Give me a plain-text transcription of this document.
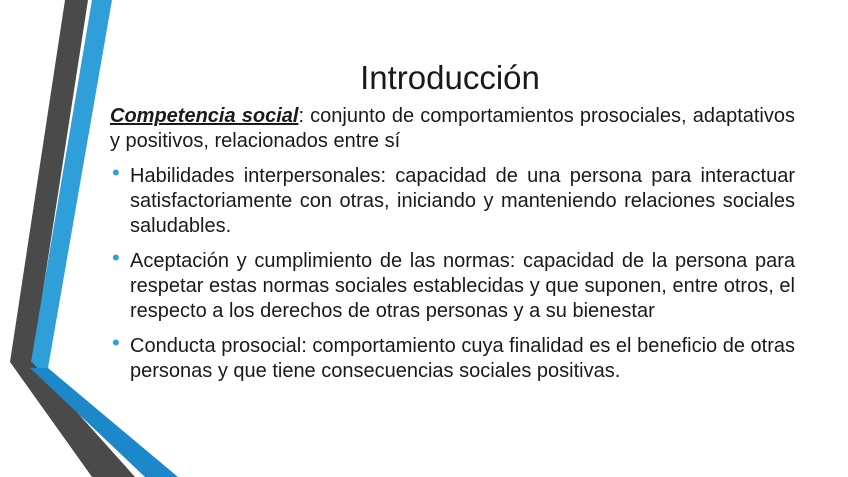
Introducción

Competencia social: conjunto de comportamientos prosociales, adaptativos y positivos, relacionados entre sí

• Habilidades interpersonales: capacidad de una persona para interactuar satisfactoriamente con otras, iniciando y manteniendo relaciones sociales saludables.
• Aceptación y cumplimiento de las normas: capacidad de la persona para respetar estas normas sociales establecidas y que suponen, entre otros, el respecto a los derechos de otras personas y a su bienestar
• Conducta prosocial: comportamiento cuya finalidad es el beneficio de otras personas y que tiene consecuencias sociales positivas.
